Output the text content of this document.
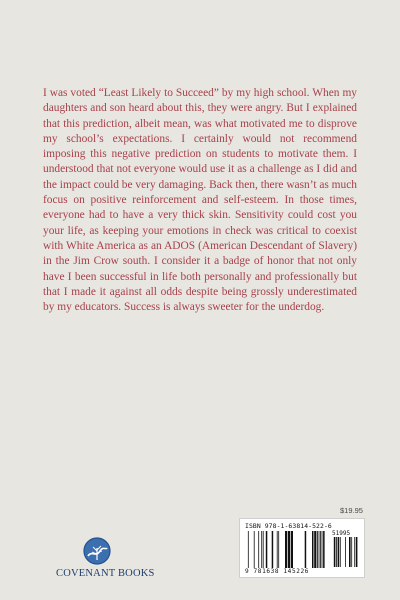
I was voted “Least Likely to Succeed” by my high school. When my daughters and son heard about this, they were angry. But I explained that this prediction, albeit mean, was what motivated me to disprove my school’s expectations. I certainly would not recommend imposing this negative prediction on students to motivate them. I understood that not everyone would use it as a challenge as I did and the impact could be very damaging. Back then, there wasn’t as much focus on positive reinforcement and self-esteem. In those times, everyone had to have a very thick skin. Sensitivity could cost you your life, as keeping your emotions in check was critical to coexist with White America as an ADOS (American Descendant of Slavery) in the Jim Crow south. I consider it a badge of honor that not only have I been successful in life both personally and professionally but that I made it against all odds despite being grossly underestimated by my educators. Success is always sweeter for the underdog.

$19.95
ISBN 978-1-63814-522-6
51995
9 781638 145226
COVENANT BOOKS
